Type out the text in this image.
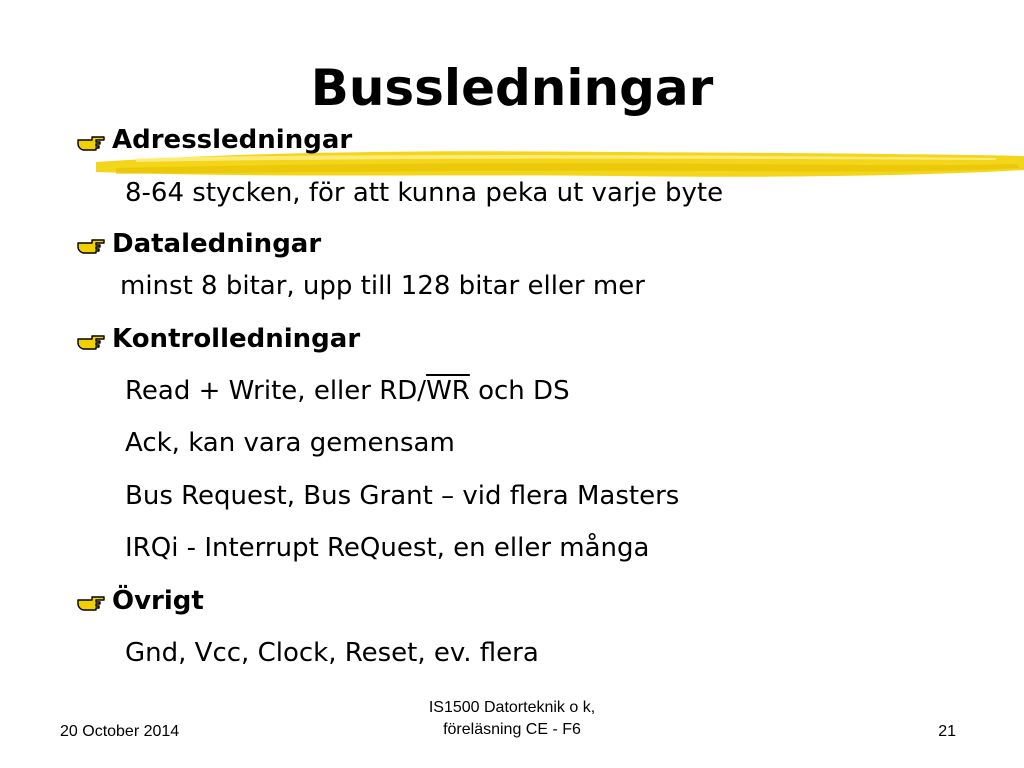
Bussledningar
Adressledningar
8-64 stycken, för att kunna peka ut varje byte
Dataledningar
minst 8 bitar, upp till 128 bitar eller mer
Kontrolledningar
Read + Write, eller $RD/\overline{WR}$ och DS
Ack, kan vara gemensam
Bus Request, Bus Grant – vid flera Masters
IRQi - Interrupt ReQuest, en eller många
Övrigt
Gnd, Vcc, Clock, Reset, ev. flera
20 October 2014
IS1500 Datorteknik o k,
föreläsning CE - F6	21
